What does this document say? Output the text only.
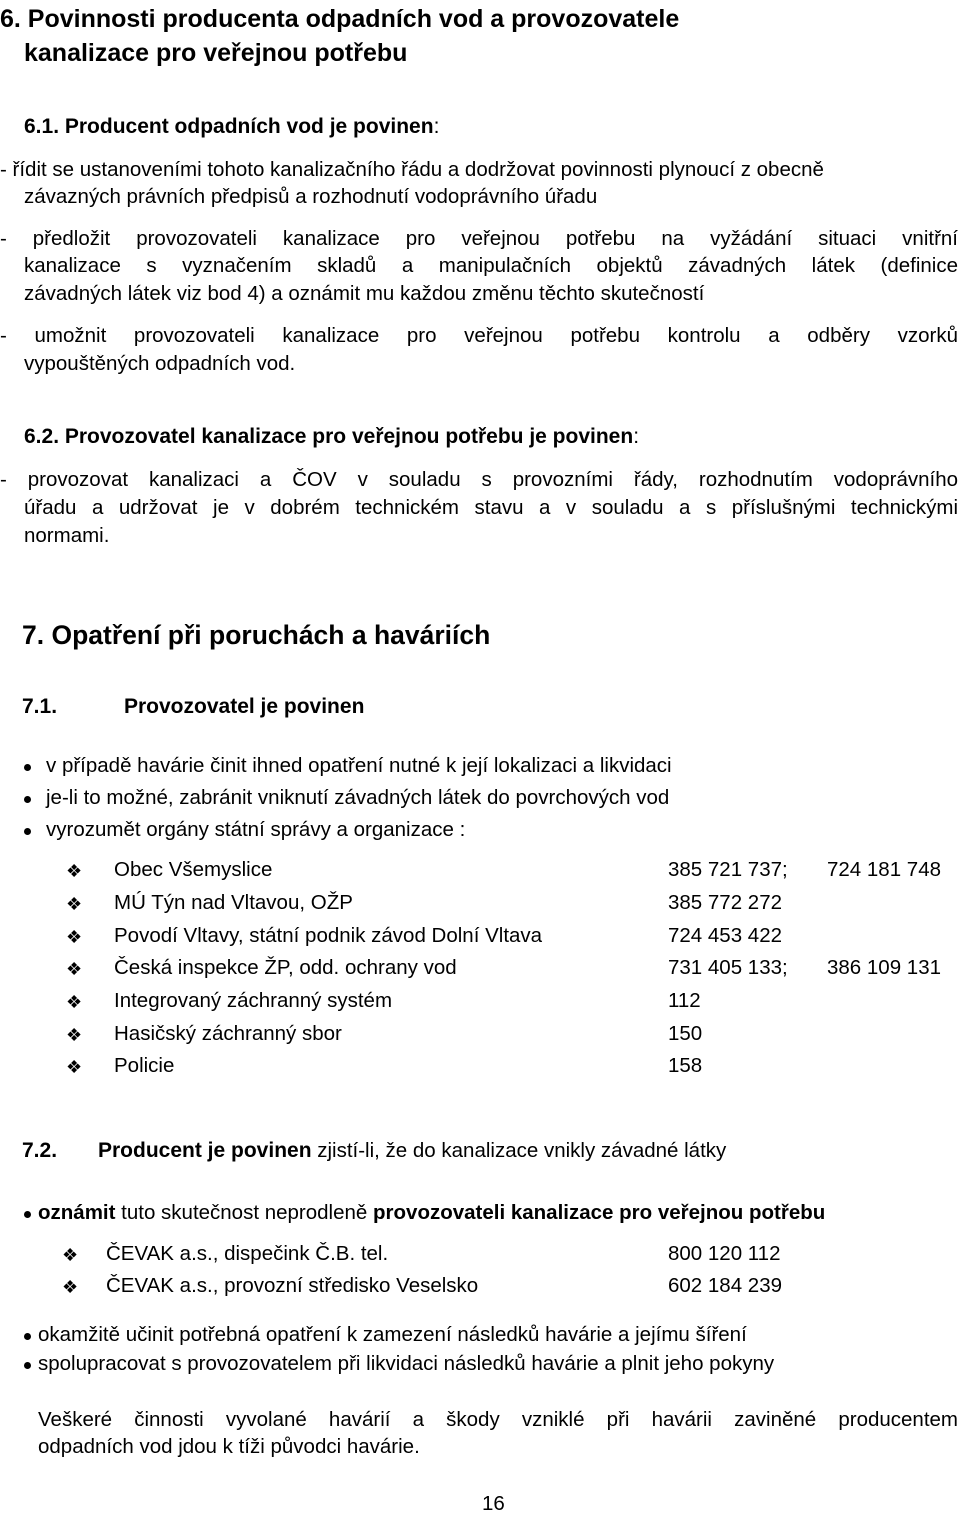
6. Povinnosti producenta odpadních vod a provozovatele
kanalizace pro veřejnou potřebu
6.1. Producent odpadních vod je povinen:
- řídit se ustanoveními tohoto kanalizačního řádu a dodržovat povinnosti plynoucí z obecně
závazných právních předpisů a rozhodnutí vodoprávního úřadu
- předložit provozovateli kanalizace pro veřejnou potřebu na vyžádání situaci vnitřní
kanalizace s vyznačením skladů a manipulačních objektů závadných látek (definice
závadných látek viz bod 4) a oznámit mu každou změnu těchto skutečností
- umožnit provozovateli kanalizace pro veřejnou potřebu kontrolu a odběry vzorků
vypouštěných odpadních vod.
6.2. Provozovatel kanalizace pro veřejnou potřebu je povinen:
- provozovat kanalizaci a ČOV v souladu s provozními řády, rozhodnutím vodoprávního
úřadu a udržovat je v dobrém technickém stavu a v souladu a s příslušnými technickými
normami.
7. Opatření při poruchách a haváriích
7.1.	Provozovatel je povinen
v případě havárie činit ihned opatření nutné k její lokalizaci a likvidaci
je-li to možné, zabránit vniknutí závadných látek do povrchových vod
vyrozumět orgány státní správy a organizace :
❖ Obec Všemyslice	385 721 737; 724 181 748
❖ MÚ Týn nad Vltavou, OŽP	385 772 272
❖ Povodí Vltavy, státní podnik závod Dolní Vltava	724 453 422
❖ Česká inspekce ŽP, odd. ochrany vod	731 405 133; 386 109 131
❖ Integrovaný záchranný systém	112
❖ Hasičský záchranný sbor	150
❖ Policie	158
7.2. Producent je povinen zjistí-li, že do kanalizace vnikly závadné látky
oznámit tuto skutečnost neprodleně provozovateli kanalizace pro veřejnou potřebu
❖ ČEVAK a.s., dispečink Č.B. tel.	800 120 112
❖ ČEVAK a.s., provozní středisko Veselsko	602 184 239
okamžitě učinit potřebná opatření k zamezení následků havárie a jejímu šíření
spolupracovat s provozovatelem při likvidaci následků havárie a plnit jeho pokyny
Veškeré činnosti vyvolané havárií a škody vzniklé při havárii zaviněné producentem
odpadních vod jdou k tíži původci havárie.
16
